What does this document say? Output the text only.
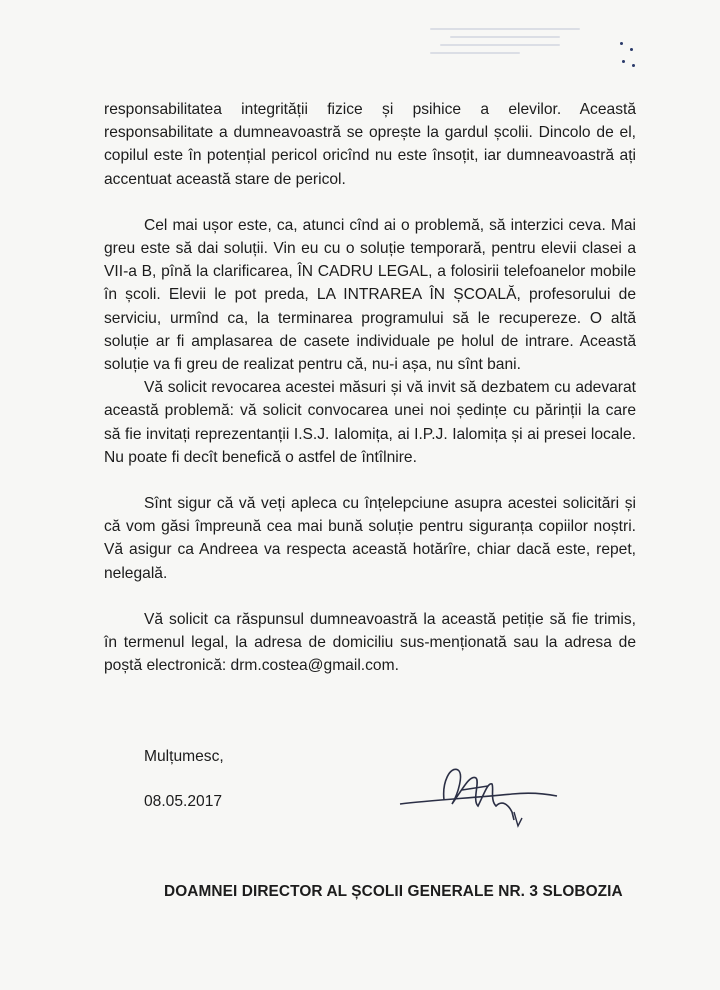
responsabilitatea integrității fizice și psihice a elevilor. Această responsabilitate a dumneavoastră se oprește la gardul școlii. Dincolo de el, copilul este în potențial pericol oricînd nu este însoțit, iar dumneavoastră ați accentuat această stare de pericol.

Cel mai ușor este, ca, atunci cînd ai o problemă, să interzici ceva. Mai greu este să dai soluții. Vin eu cu o soluție temporară, pentru elevii clasei a VII-a B, pînă la clarificarea, ÎN CADRU LEGAL, a folosirii telefoanelor mobile în școli. Elevii le pot preda, LA INTRAREA ÎN ȘCOALĂ, profesorului de serviciu, urmînd ca, la terminarea programului să le recupereze. O altă soluție ar fi amplasarea de casete individuale pe holul de intrare. Această soluție va fi greu de realizat pentru că, nu-i așa, nu sînt bani.

Vă solicit revocarea acestei măsuri și vă invit să dezbatem cu adevarat această problemă: vă solicit convocarea unei noi ședințe cu părinții la care să fie invitați reprezentanții I.S.J. Ialomița, ai I.P.J. Ialomița și ai presei locale. Nu poate fi decît benefică o astfel de întîlnire.

Sînt sigur că vă veți apleca cu înțelepciune asupra acestei solicitări și că vom găsi împreună cea mai bună soluție pentru siguranța copiilor noștri. Vă asigur ca Andreea va respecta această hotărîre, chiar dacă este, repet, nelegală.

Vă solicit ca răspunsul dumneavoastră la această petiție să fie trimis, în termenul legal, la adresa de domiciliu sus-menționată sau la adresa de poștă electronică: drm.costea@gmail.com.

Mulțumesc,
08.05.2017
DOAMNEI DIRECTOR AL ȘCOLII GENERALE NR. 3 SLOBOZIA
